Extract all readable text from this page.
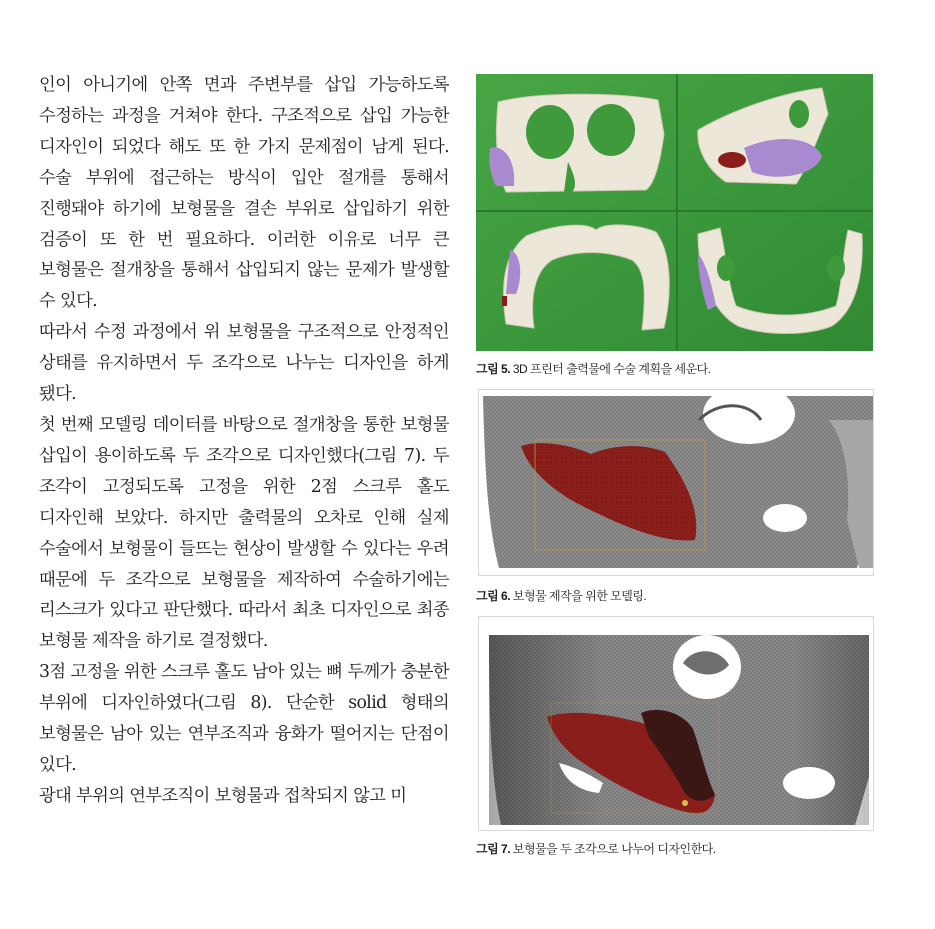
인이 아니기에 안쪽 면과 주변부를 삽입 가능하도록 수정하는 과정을 거쳐야 한다. 구조적으로 삽입 가능한 디자인이 되었다 해도 또 한 가지 문제점이 남게 된다. 수술 부위에 접근하는 방식이 입안 절개를 통해서 진행돼야 하기에 보형물을 결손 부위로 삽입하기 위한 검증이 또 한 번 필요하다. 이러한 이유로 너무 큰 보형물은 절개창을 통해서 삽입되지 않는 문제가 발생할 수 있다.

따라서 수정 과정에서 위 보형물을 구조적으로 안정적인 상태를 유지하면서 두 조각으로 나누는 디자인을 하게 됐다.

첫 번째 모델링 데이터를 바탕으로 절개창을 통한 보형물 삽입이 용이하도록 두 조각으로 디자인했다(그림 7). 두 조각이 고정되도록 고정을 위한 2점 스크루 홀도 디자인해 보았다. 하지만 출력물의 오차로 인해 실제 수술에서 보형물이 들뜨는 현상이 발생할 수 있다는 우려 때문에 두 조각으로 보형물을 제작하여 수술하기에는 리스크가 있다고 판단했다. 따라서 최초 디자인으로 최종 보형물 제작을 하기로 결정했다.

3점 고정을 위한 스크루 홀도 남아 있는 뼈 두께가 충분한 부위에 디자인하였다(그림 8). 단순한 solid 형태의 보형물은 남아 있는 연부조직과 융화가 떨어지는 단점이 있다.

광대 부위의 연부조직이 보형물과 접착되지 않고 미

그림 5. 3D 프린터 출력물에 수술 계획을 세운다.
그림 6. 보형물 제작을 위한 모델링.
그림 7. 보형물을 두 조각으로 나누어 디자인한다.
